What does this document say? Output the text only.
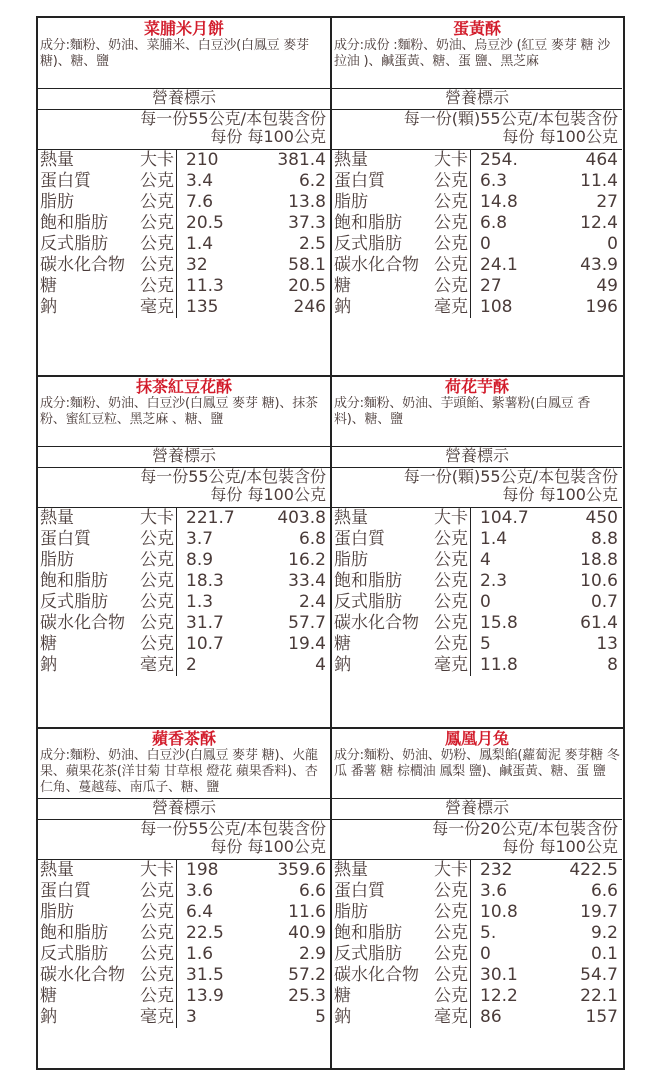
菜脯米月餅
成分:麵粉、奶油、菜脯米、白豆沙(白鳳豆 麥芽 糖)、糖、鹽
營養標示
每一份55公克/本包裝含份
每份 每100公克
熱量	大卡 210	381.4
蛋白質	公克 3.4	6.2
脂肪	公克 7.6	13.8
飽和脂肪	公克 20.5	37.3
反式脂肪	公克 1.4	2.5
碳水化合物 公克 32	58.1
糖	公克 11.3	20.5
鈉	毫克 135	246
蛋黃酥
成分:成份 :麵粉、奶油、烏豆沙 (紅豆 麥芽 糖 沙拉油 )、鹹蛋黃、糖、蛋 鹽、黑芝麻
營養標示
每一份(顆)55公克/本包裝含份
每份 每100公克
熱量	大卡 254.	464
蛋白質	公克 6.3	11.4
脂肪	公克 14.8	27
飽和脂肪	公克 6.8	12.4
反式脂肪	公克 0	0
碳水化合物 公克 24.1	43.9
糖	公克 27	49
鈉	毫克 108	196
抹茶紅豆花酥
成分:麵粉、奶油、白豆沙(白鳳豆 麥芽 糖)、抹茶粉、蜜紅豆粒、黑芝麻 、糖、鹽
營養標示
每一份55公克/本包裝含份
每份 每100公克
熱量	大卡 221.7	403.8
蛋白質	公克 3.7	6.8
脂肪	公克 8.9	16.2
飽和脂肪	公克 18.3	33.4
反式脂肪	公克 1.3	2.4
碳水化合物 公克 31.7	57.7
糖	公克 10.7	19.4
鈉	毫克 2	4
荷花芋酥
成分:麵粉、奶油、芋頭餡、紫薯粉(白鳳豆 香料)、糖、鹽
營養標示
每一份(顆)55公克/本包裝含份
每份 每100公克
熱量	大卡 104.7	450
蛋白質	公克 1.4	8.8
脂肪	公克 4	18.8
飽和脂肪	公克 2.3	10.6
反式脂肪	公克 0	0.7
碳水化合物 公克 15.8	61.4
糖	公克 5	13
鈉	毫克 11.8	8
蘋香茶酥
成分:麵粉、奶油、白豆沙(白鳳豆 麥芽 糖)、火龍果、蘋果花茶(洋甘菊 甘草根 燈花 蘋果香料)、杏仁角、蔓越莓、南瓜子、糖、鹽
營養標示
每一份55公克/本包裝含份
每份 每100公克
熱量	大卡 198	359.6
蛋白質	公克 3.6	6.6
脂肪	公克 6.4	11.6
飽和脂肪	公克 22.5	40.9
反式脂肪	公克 1.6	2.9
碳水化合物 公克 31.5	57.2
糖	公克 13.9	25.3
鈉	毫克 3	5
鳳凰月兔
成分:麵粉、奶油、奶粉、鳳梨餡(蘿蔔泥 麥芽糖 冬瓜 番薯 糖 棕櫚油 鳳梨 鹽)、鹹蛋黃、糖、蛋 鹽
營養標示
每一份20公克/本包裝含份
每份 每100公克
熱量	大卡 232	422.5
蛋白質	公克 3.6	6.6
脂肪	公克 10.8	19.7
飽和脂肪	公克 5.	9.2
反式脂肪	公克 0	0.1
碳水化合物 公克 30.1	54.7
糖	公克 12.2	22.1
鈉	毫克 86	157
